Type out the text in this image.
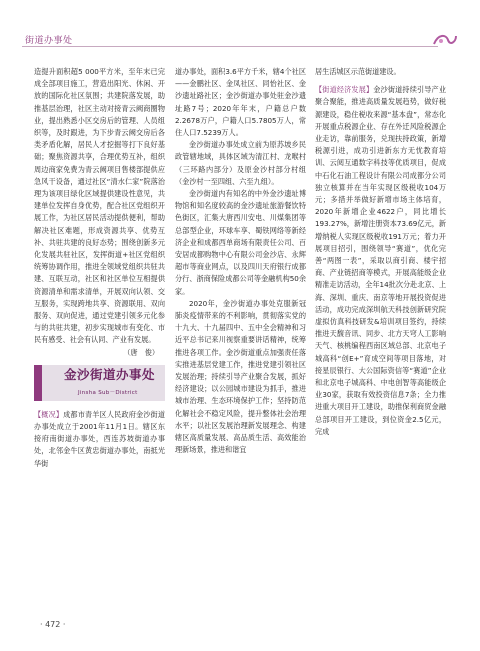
街道办事处

造提升面积超5 000平方米，至年末已完成全部项目施工，营造出阳光、休闲、开放的国际化社区氛围；共建院落发展，助推基层治理，社区主动对接青云阙商圈物业，提出熟悉小区交房后的管理、人员组织等，及时跟进，为下步青云阙交房后各类矛盾化解，居民人才挖掘等打下良好基础；聚焦资源共享，合理优势互补，组织周边商家免费为青云阙项目售楼部提供应急风干设备，通过社区“清水仁家”院落治理为该项目绿化区域提供建设性意见，共建单位发挥自身优势，配合社区党组织开展工作，为社区居民活动提供便利，帮助解决社区难题，形成资源共享、优势互补、共驻共建的良好态势；围绕创新多元化发展共驻社区，发挥街道+社区党组织统筹协调作用，推进全领域党组织共驻共建、互联互动，社区和社区单位互相提供资源清单和需求清单，开展双向认领、交互服务，实现跨地共享、资源联用、双向服务、双向促进，通过党建引领多元化参与的共驻共建，初步实现城市有变化、市民有感受、社会有认同、产业有发展。

（唐　俊）

金沙街道办事处
Jinsha Sub－District

【概况】成都市青羊区人民政府金沙街道办事处成立于2001年11月1日。辖区东接府南街道办事处，西连苏坡街道办事处，北邻金牛区黄忠街道办事处，南抵光华街

道办事处，面积3.6平方千米，辖4个社区——金鹏社区、金凤社区、同怡社区、金沙遗址路社区；金沙街道办事处驻金沙遗址路7号；2020年年末，户籍总户数2.2678万户，户籍人口5.7805万人，常住人口7.5239万人。

金沙街道办事处成立前为原苏坡乡民政管辖地域，具体区域为清江村、龙喉村（三环路内部分）及原金沙村部分村组（金沙村一至四组、六至九组）。

金沙街道内有知名的中外金沙遗址博物馆和知名度较高的金沙遗址旅游餐饮特色街区，汇集大唐西川安电、川煤集团等总部型企业，环球车享、蜀铁网络等新经济企业和成都西单商场有限责任公司、百安居成都购物中心有限公司金沙店、永辉超市等商业网点，以及四川天府银行成都分行、浙商保险成都公司等金融机构50余家。

2020年，金沙街道办事处克服新冠肺炎疫情带来的不利影响，贯彻落实党的十九大、十九届四中、五中全会精神和习近平总书记来川视察重要讲话精神，统筹推进各项工作。金沙街道重点加强责任落实推进基层党建工作，推进党建引领社区发展治理；持续引导产业聚合发展，抓好经济建设；以公园城市建设为抓手，推进城市治理、生态环境保护工作；坚持防范化解社会不稳定风险，提升整体社会治理水平；以社区发展治理新发展理念、构建辖区高质量发展、高品质生活、高效能治理新场景，推进和谐宜

居生活城区示范街道建设。

【街道经济发展】金沙街道持续引导产业聚合聚能，推进高质量发展趋势，做好税源建设，稳住税收来源“基本盘”，常态化开展重点税源企业、存在外迁风险税源企业走访，靠前服务，兑现扶持政策，新增税源引进，成功引进新东方无忧教育培训、云阅互通数字科技等优质项目，促成中石化石油工程设计有限公司成都分公司独立核算并在当年实现区级税收104万元；多措并举做好新增市场主体培育，2020年新增企业4622户，同比增长193.27%，新增注册资本73.69亿元，新增纳税人实现区级税收191万元；着力开展项目招引，围绕领导“赛道”，优化完善“两图一表”，采取以商引商、楼宇招商、产业链招商等模式，开展高能级企业精准走访活动，全年14批次分赴北京、上海、深圳、重庆、南京等地开展投资促进活动，成功完成深圳航天科技创新研究院虚拟仿真科技研发&培训项目签约，持续推进天馥音讯、同步、北方天穹人工影响天气、核桃编程西南区域总部、北京电子城高科“创E+”育成空间等项目落地，对接星辰银行、大公国际资信等“赛道”企业和北京电子城高科、中电创智等高能级企业30家，获取有效投资信息7条；全力推进重大项目开工建设，助推保利商贸金融总部项目开工建设，到位资金2.5亿元，完成

· 472 ·
